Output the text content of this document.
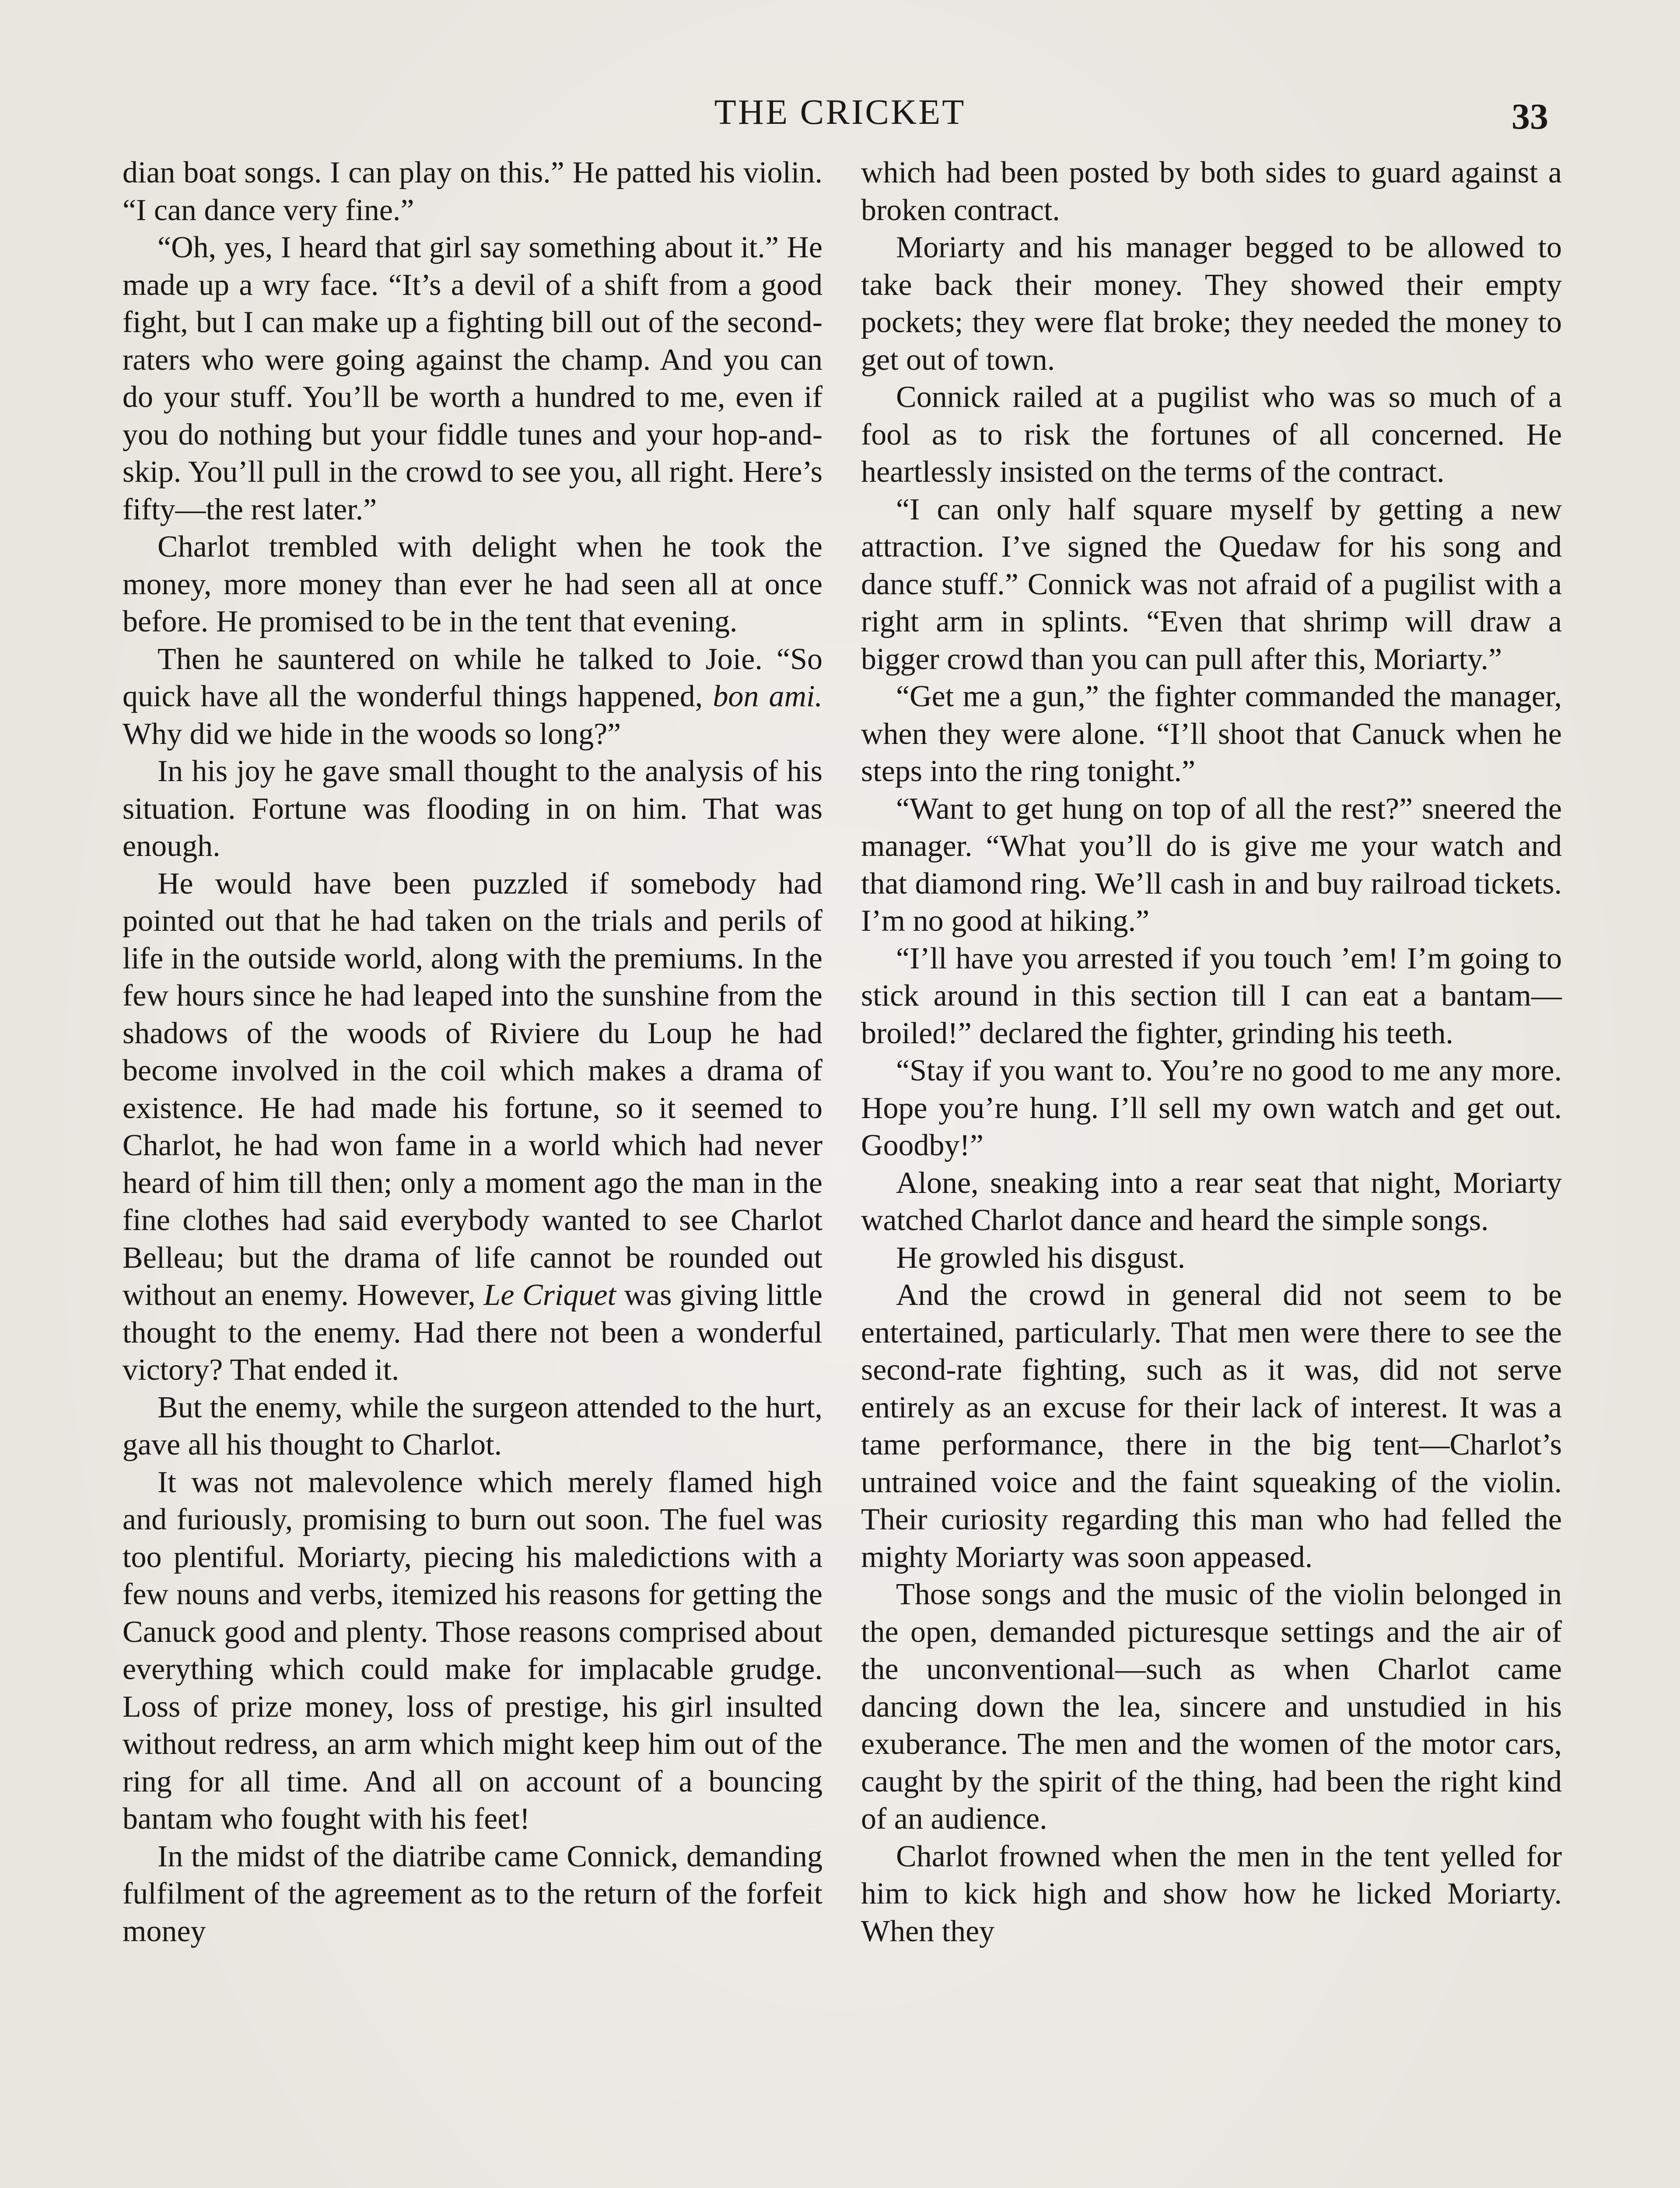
THE CRICKET	33

dian boat songs. I can play on this.” He patted his violin. “I can dance very fine.”

“Oh, yes, I heard that girl say something about it.” He made up a wry face. “It’s a devil of a shift from a good fight, but I can make up a fighting bill out of the second-raters who were going against the champ. And you can do your stuff. You’ll be worth a hundred to me, even if you do nothing but your fiddle tunes and your hop-and-skip. You’ll pull in the crowd to see you, all right. Here’s fifty—the rest later.”

Charlot trembled with delight when he took the money, more money than ever he had seen all at once before. He promised to be in the tent that evening.

Then he sauntered on while he talked to Joie. “So quick have all the wonderful things happened, bon ami. Why did we hide in the woods so long?”

In his joy he gave small thought to the analysis of his situation. Fortune was flooding in on him. That was enough.

He would have been puzzled if somebody had pointed out that he had taken on the trials and perils of life in the outside world, along with the premiums. In the few hours since he had leaped into the sunshine from the shadows of the woods of Riviere du Loup he had become involved in the coil which makes a drama of existence. He had made his fortune, so it seemed to Charlot, he had won fame in a world which had never heard of him till then; only a moment ago the man in the fine clothes had said everybody wanted to see Charlot Belleau; but the drama of life cannot be rounded out without an enemy. However, Le Criquet was giving little thought to the enemy. Had there not been a wonderful victory? That ended it.

But the enemy, while the surgeon attended to the hurt, gave all his thought to Charlot.

It was not malevolence which merely flamed high and furiously, promising to burn out soon. The fuel was too plentiful. Moriarty, piecing his maledictions with a few nouns and verbs, itemized his reasons for getting the Canuck good and plenty. Those reasons comprised about everything which could make for implacable grudge. Loss of prize money, loss of prestige, his girl insulted without redress, an arm which might keep him out of the ring for all time. And all on account of a bouncing bantam who fought with his feet!

In the midst of the diatribe came Connick, demanding fulfilment of the agreement as to the return of the forfeit money

which had been posted by both sides to guard against a broken contract.

Moriarty and his manager begged to be allowed to take back their money. They showed their empty pockets; they were flat broke; they needed the money to get out of town.

Connick railed at a pugilist who was so much of a fool as to risk the fortunes of all concerned. He heartlessly insisted on the terms of the contract.

“I can only half square myself by getting a new attraction. I’ve signed the Quedaw for his song and dance stuff.” Connick was not afraid of a pugilist with a right arm in splints. “Even that shrimp will draw a bigger crowd than you can pull after this, Moriarty.”

“Get me a gun,” the fighter commanded the manager, when they were alone. “I’ll shoot that Canuck when he steps into the ring tonight.”

“Want to get hung on top of all the rest?” sneered the manager. “What you’ll do is give me your watch and that diamond ring. We’ll cash in and buy railroad tickets. I’m no good at hiking.”

“I’ll have you arrested if you touch ’em! I’m going to stick around in this section till I can eat a bantam—broiled!” declared the fighter, grinding his teeth.

“Stay if you want to. You’re no good to me any more. Hope you’re hung. I’ll sell my own watch and get out. Goodby!”

Alone, sneaking into a rear seat that night, Moriarty watched Charlot dance and heard the simple songs.

He growled his disgust.

And the crowd in general did not seem to be entertained, particularly. That men were there to see the second-rate fighting, such as it was, did not serve entirely as an excuse for their lack of interest. It was a tame performance, there in the big tent—Charlot’s untrained voice and the faint squeaking of the violin. Their curiosity regarding this man who had felled the mighty Moriarty was soon appeased.

Those songs and the music of the violin belonged in the open, demanded picturesque settings and the air of the unconventional—such as when Charlot came dancing down the lea, sincere and unstudied in his exuberance. The men and the women of the motor cars, caught by the spirit of the thing, had been the right kind of an audience.

Charlot frowned when the men in the tent yelled for him to kick high and show how he licked Moriarty. When they
